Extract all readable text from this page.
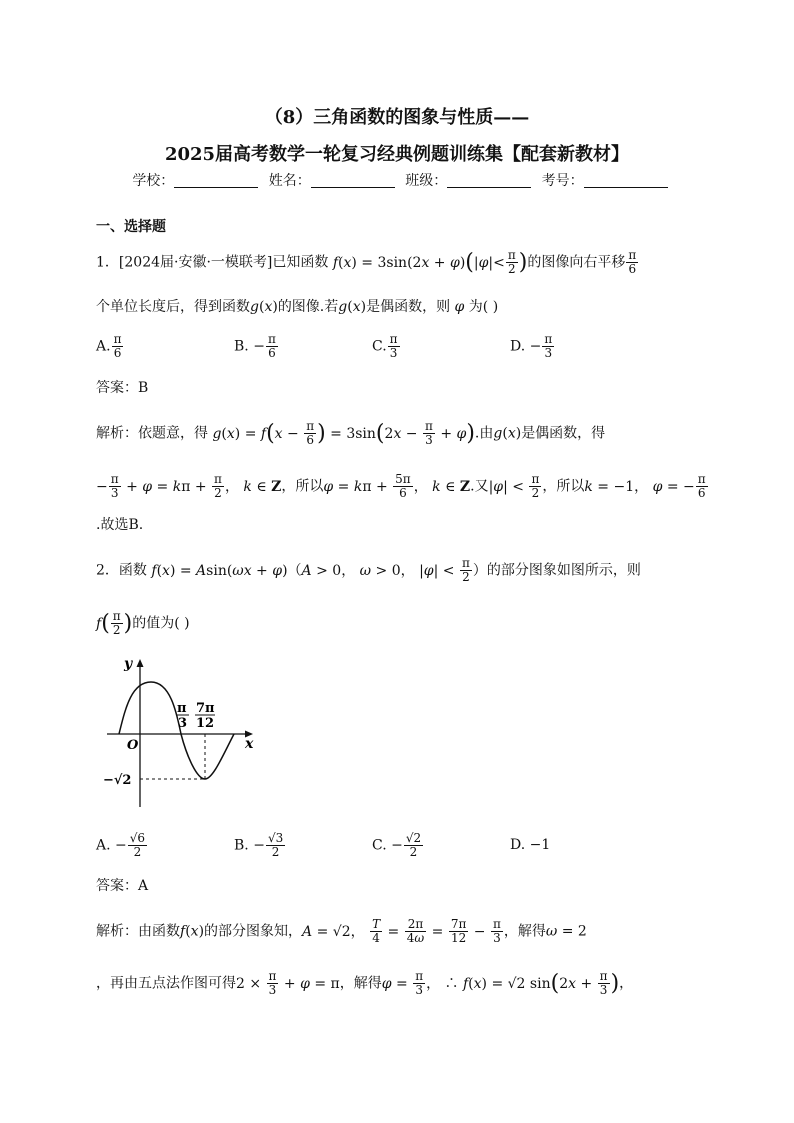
（8）三角函数的图象与性质——
2025届高考数学一轮复习经典例题训练集【配套新教材】
学校：	姓名：	班级：	考号：
一、选择题
1．[2024届·安徽·一模联考]已知函数 $f(x) = 3\sin(2x + \varphi)(|\varphi|< \frac{\pi}{2}$ )的图像向右平移 $\frac{\pi}{6}$
个单位长度后，得到函数g(x)的图像.若g(x)是偶函数，则 φ 为( )
A. $\frac{\pi}{6}$	B. − $\frac{\pi}{6}$	C. $\frac{\pi}{3}$	D. − $\frac{\pi}{3}$
答案：B
解析：依题意，得 $g(x) = f(x - \frac{\pi}{6}$ ) = $3\sin(2x - \frac{\pi}{3} + \varphi)$.由g(x)是偶函数，得
− $\frac{\pi}{3} + \varphi = k\pi + \frac{\pi}{2}$ ， k ∈ Z，所以$\varphi = k\pi + \frac{5\pi}{6}$ ， k ∈ Z.又$|\varphi| < \frac{\pi}{2}$ ，所以k = −1， φ = − $\frac{\pi}{6}$
.故选B.
2．函数 f(x) = Asin(ωx + φ)（A > 0， ω > 0， $|\varphi| < \frac{\pi}{2}$ ）的部分图象如图所示，则
$f( \frac{\pi}{2}$ )的值为( )
y
x
O
−√2
π
3
7π
12
A. − $\frac{√6}{2}$	B. − $\frac{√3}{2}$	C. − $\frac{√2}{2}$	D. −1
答案：A
解析：由函数f(x)的部分图象知，A = √2， $\frac{T}{4} = \frac{2\pi}{4\omega} = \frac{7\pi}{12} - \frac{\pi}{3}$ ，解得ω = 2
，再由五点法作图可得$2 \times \frac{\pi}{3} + \varphi = \pi$，解得$\varphi = \frac{\pi}{3}$ ， ∴ f(x) = √2 $\sin(2x + \frac{\pi}{3}$ )，
